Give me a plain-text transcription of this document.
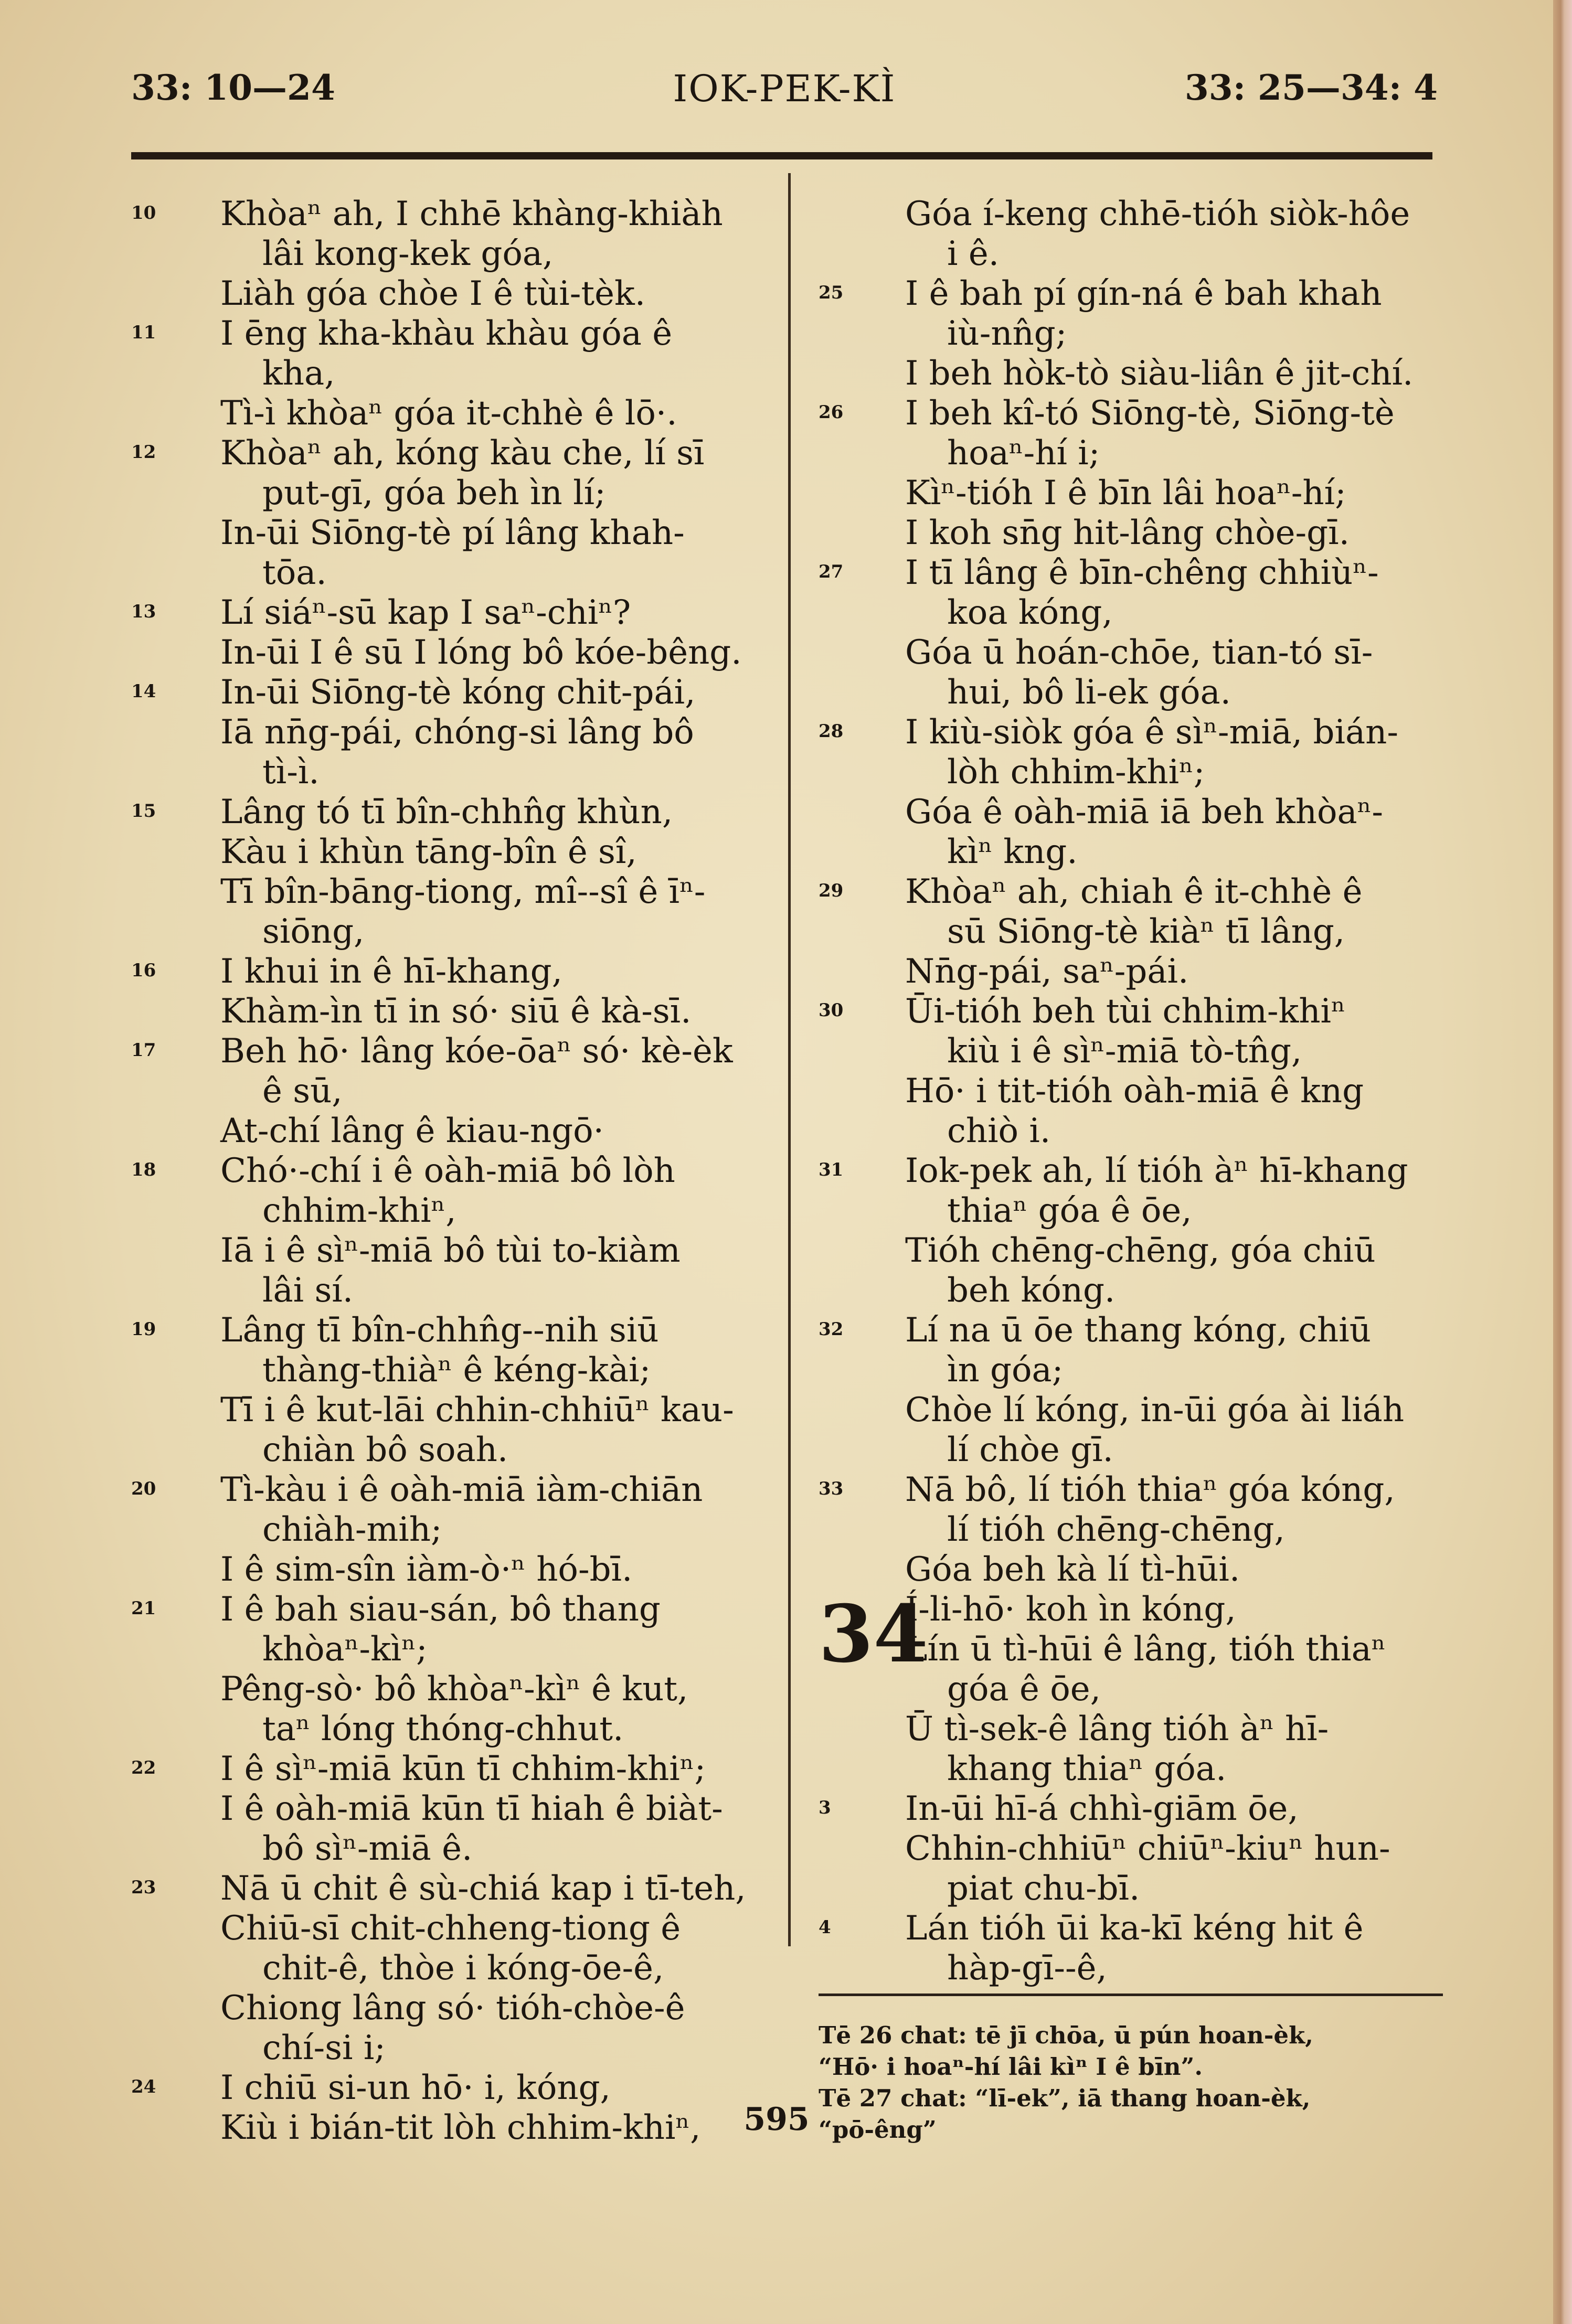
33: 10—24	IOK-PEK-KÌ	33: 25—34: 4
10	Khòaⁿ ah, I chhē khàng-khiàh
lâi kong-kek góa,
Liàh góa chòe I ê tùi-tèk.
11	I ēng kha-khàu khàu góa ê
kha,
Tì-ì khòaⁿ góa it-chhè ê lō·.
12	Khòaⁿ ah, kóng kàu che, lí sī
put-gī, góa beh ìn lí;
In-ūi Siōng-tè pí lâng khah-
tōa.
13	Lí siáⁿ-sū kap I saⁿ-chiⁿ?
In-ūi I ê sū I lóng bô kóe-bêng.
14	In-ūi Siōng-tè kóng chit-pái,
Iā nn̄g-pái, chóng-si lâng bô
tì-ì.
15	Lâng tó tī bîn-chhn̂g khùn,
Kàu i khùn tāng-bîn ê sî,
Tī bîn-bāng-tiong, mî--sî ê īⁿ-
siōng,
16	I khui in ê hī-khang,
Khàm-ìn tī in só· siū ê kà-sī.
17	Beh hō· lâng kóe-ōaⁿ só· kè-èk
ê sū,
At-chí lâng ê kiau-ngō·
18	Chó·-chí i ê oàh-miā bô lòh
chhim-khiⁿ,
Iā i ê sìⁿ-miā bô tùi to-kiàm
lâi sí.
19	Lâng tī bîn-chhn̂g--nih siū
thàng-thiàⁿ ê kéng-kài;
Tī i ê kut-lāi chhin-chhiūⁿ kau-
chiàn bô soah.
20	Tì-kàu i ê oàh-miā iàm-chiān
chiàh-mih;
I ê sim-sîn iàm-ò·ⁿ hó-bī.
21	I ê bah siau-sán, bô thang
khòaⁿ-kìⁿ;
Pêng-sò· bô khòaⁿ-kìⁿ ê kut,
taⁿ lóng thóng-chhut.
22	I ê sìⁿ-miā kūn tī chhim-khiⁿ;
I ê oàh-miā kūn tī hiah ê biàt-
bô sìⁿ-miā ê.
23	Nā ū chit ê sù-chiá kap i tī-teh,
Chiū-sī chit-chheng-tiong ê
chit-ê, thòe i kóng-ōe-ê,
Chiong lâng só· tióh-chòe-ê
chí-si i;
24	I chiū si-un hō· i, kóng,
Kiù i bián-tit lòh chhim-khiⁿ,
Góa í-keng chhē-tióh siòk-hôe
i ê.
25	I ê bah pí gín-ná ê bah khah
iù-nn̂g;
I beh hòk-tò siàu-liân ê jit-chí.
26	I beh kî-tó Siōng-tè, Siōng-tè
hoaⁿ-hí i;
Kìⁿ-tióh I ê bīn lâi hoaⁿ-hí;
I koh sn̄g hit-lâng chòe-gī.
27	I tī lâng ê bīn-chêng chhiùⁿ-
koa kóng,
Góa ū hoán-chōe, tian-tó sī-
hui, bô li-ek góa.
28	I kiù-siòk góa ê sìⁿ-miā, bián-
lòh chhim-khiⁿ;
Góa ê oàh-miā iā beh khòaⁿ-
kìⁿ kng.
29	Khòaⁿ ah, chiah ê it-chhè ê
sū Siōng-tè kiàⁿ tī lâng,
Nn̄g-pái, saⁿ-pái.
30	Ūi-tióh beh tùi chhim-khiⁿ
kiù i ê sìⁿ-miā tò-tn̂g,
Hō· i tit-tióh oàh-miā ê kng
chiò i.
31	Iok-pek ah, lí tióh àⁿ hī-khang
thiaⁿ góa ê ōe,
Tióh chēng-chēng, góa chiū
beh kóng.
32	Lí na ū ōe thang kóng, chiū
ìn góa;
Chòe lí kóng, in-ūi góa ài liáh
lí chòe gī.
33	Nā bô, lí tióh thiaⁿ góa kóng,
lí tióh chēng-chēng,
Góa beh kà lí tì-hūi.
34
Í-li-hō· koh ìn kóng,
Lín ū tì-hūi ê lâng, tióh thiaⁿ
góa ê ōe,
Ū tì-sek-ê lâng tióh àⁿ hī-
khang thiaⁿ góa.
3	In-ūi hī-á chhì-giām ōe,
Chhin-chhiūⁿ chiūⁿ-kiuⁿ hun-
piat chu-bī.
4	Lán tióh ūi ka-kī kéng hit ê
hàp-gī--ê,

Tē 26 chat: tē jī chōa, ū pún hoan-èk,

“Hō· i hoaⁿ-hí lâi kìⁿ I ê bīn”.

Tē 27 chat: “lī-ek”, iā thang hoan-èk,

“pō-êng”

595
